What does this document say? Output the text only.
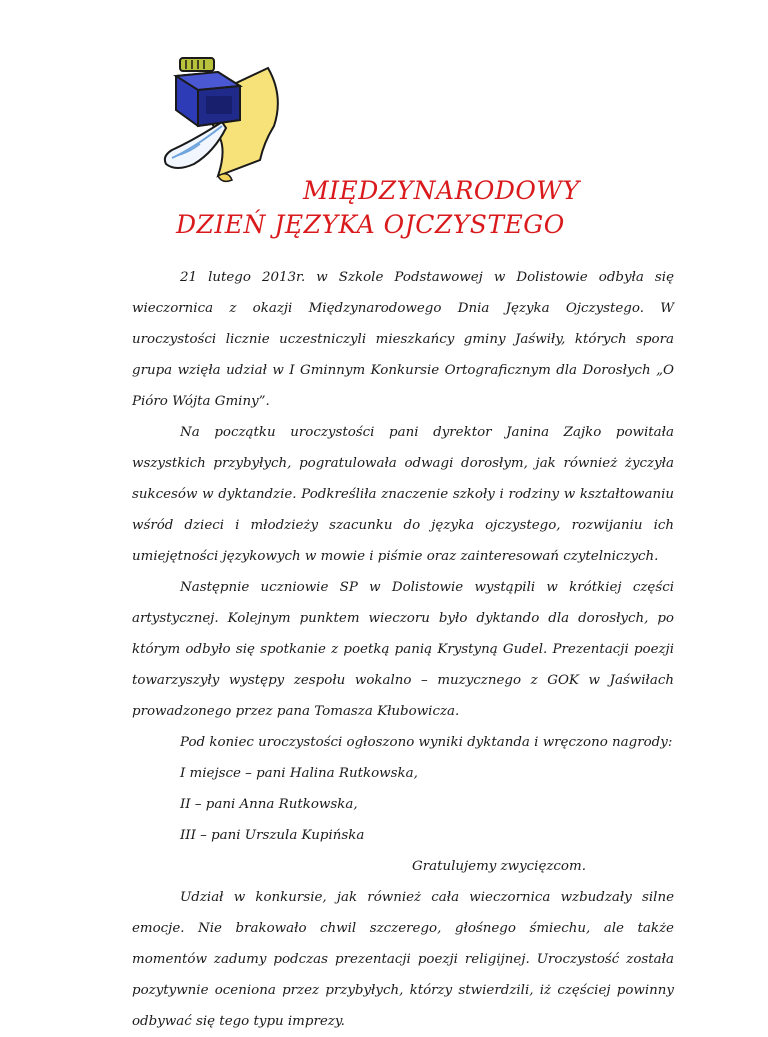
MIĘDZYNARODOWY
DZIEŃ JĘZYKA OJCZYSTEGO

21 lutego 2013r. w Szkole Podstawowej w Dolistowie odbyła się wieczornica z okazji Międzynarodowego Dnia Języka Ojczystego. W uroczystości licznie uczestniczyli mieszkańcy gminy Jaświły, których spora grupa wzięła udział w I Gminnym Konkursie Ortograficznym dla Dorosłych „O Pióro Wójta Gminy”.

Na początku uroczystości pani dyrektor Janina Zajko powitała wszystkich przybyłych, pogratulowała odwagi dorosłym, jak również życzyła sukcesów w dyktandzie. Podkreśliła znaczenie szkoły i rodziny w kształtowaniu wśród dzieci i młodzieży szacunku do języka ojczystego, rozwijaniu ich umiejętności językowych w mowie i piśmie oraz zainteresowań czytelniczych.

Następnie uczniowie SP w Dolistowie wystąpili w krótkiej części artystycznej. Kolejnym punktem wieczoru było dyktando dla dorosłych, po którym odbyło się spotkanie z poetką panią Krystyną Gudel. Prezentacji poezji towarzyszyły występy zespołu wokalno – muzycznego z GOK w Jaświłach prowadzonego przez pana Tomasza Kłubowicza.

Pod koniec uroczystości ogłoszono wyniki dyktanda i wręczono nagrody:

I miejsce – pani Halina Rutkowska,

II – pani Anna Rutkowska,

III – pani Urszula Kupińska

Gratulujemy zwycięzcom.

Udział w konkursie, jak również cała wieczornica wzbudzały silne emocje. Nie brakowało chwil szczerego, głośnego śmiechu, ale także momentów zadumy podczas prezentacji poezji religijnej. Uroczystość została pozytywnie oceniona przez przybyłych, którzy stwierdzili, iż częściej powinny odbywać się tego typu imprezy.
